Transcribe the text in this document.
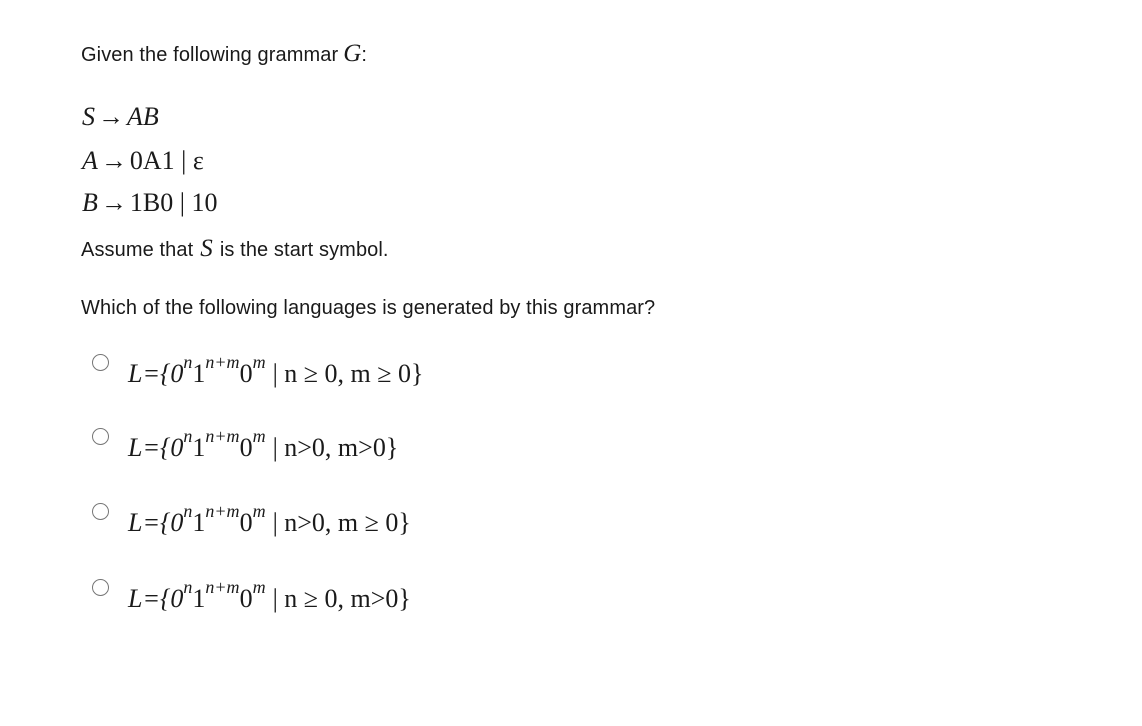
Given the following grammar G:
S → AB
A → 0A1 | ε
B → 1B0 | 10
Assume that S is the start symbol.
Which of the following languages is generated by this grammar?
$L=\{0^n1^{n+m}0^m$ | n ≥ 0, m ≥ 0}
$L=\{0^n1^{n+m}0^m$ | n>0, m>0}
$L=\{0^n1^{n+m}0^m$ | n>0, m ≥ 0}
$L=\{0^n1^{n+m}0^m$ | n ≥ 0, m>0}
